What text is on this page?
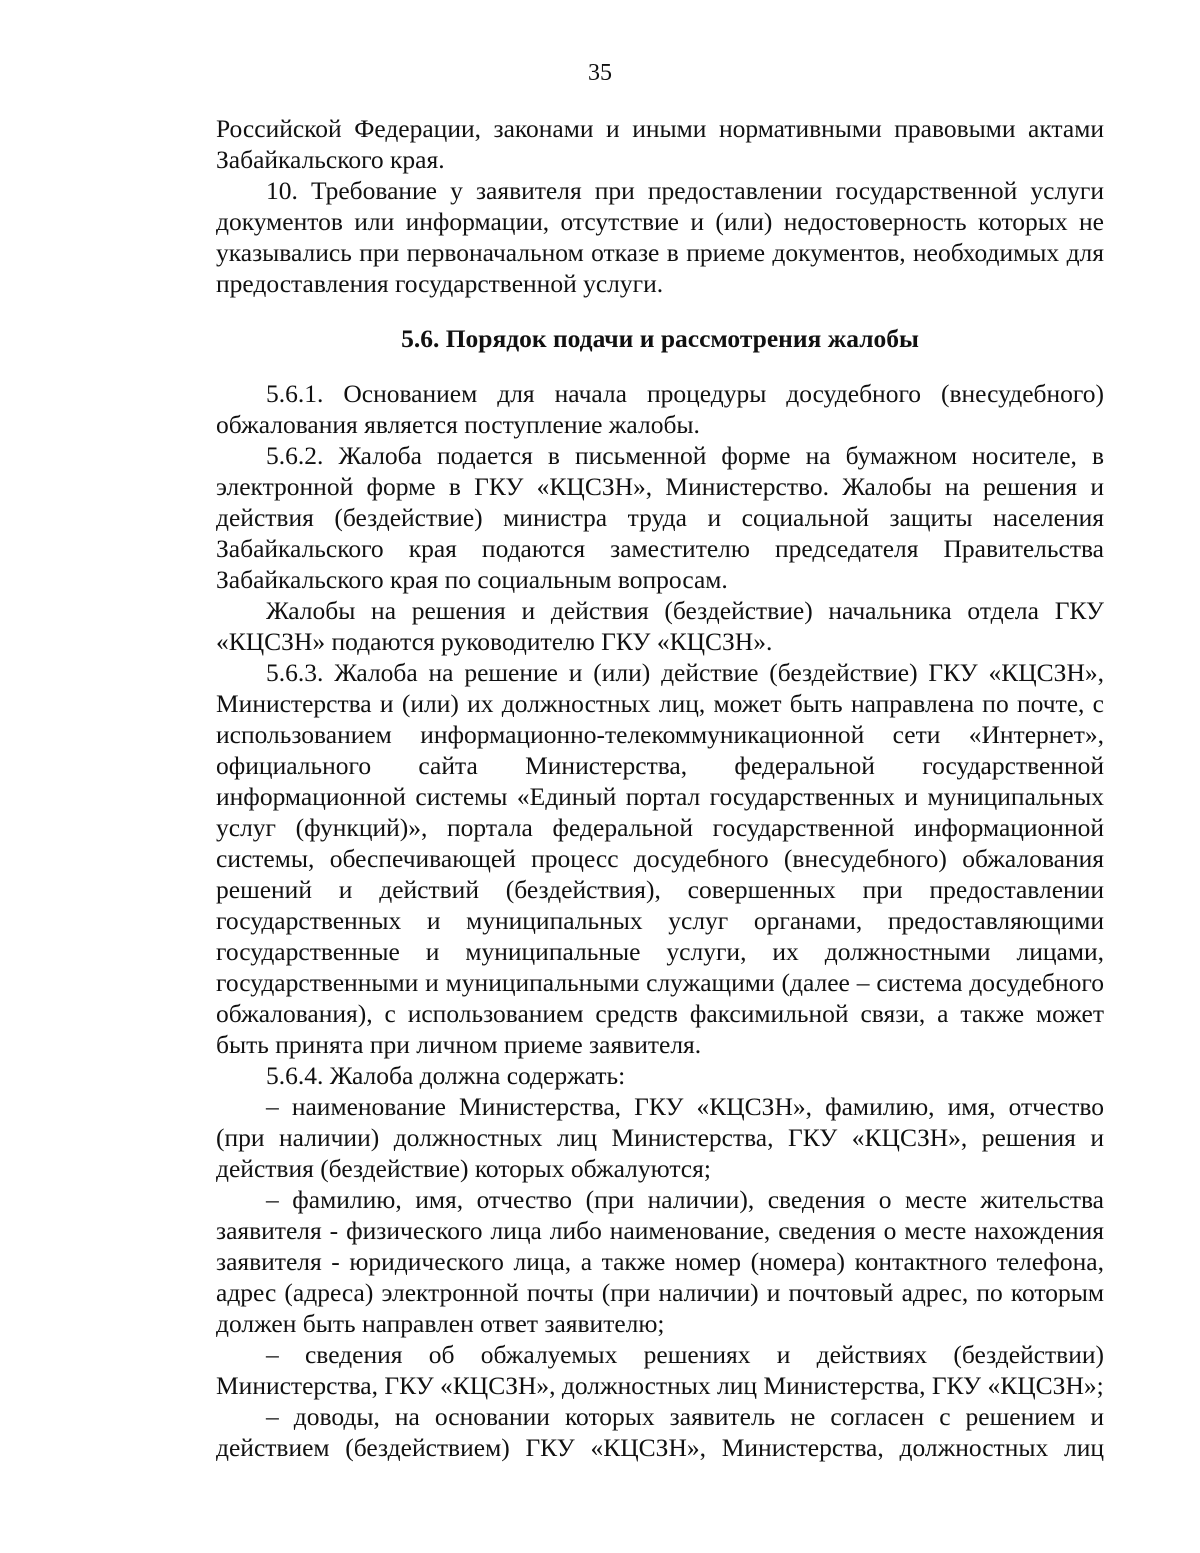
35

Российской Федерации, законами и иными нормативными правовыми актами Забайкальского края.

10. Требование у заявителя при предоставлении государственной услуги документов или информации, отсутствие и (или) недостоверность которых не указывались при первоначальном отказе в приеме документов, необходимых для предоставления государственной услуги.

5.6. Порядок подачи и рассмотрения жалобы

5.6.1. Основанием для начала процедуры досудебного (внесудебного) обжалования является поступление жалобы.

5.6.2. Жалоба подается в письменной форме на бумажном носителе, в электронной форме в ГКУ «КЦСЗН», Министерство. Жалобы на решения и действия (бездействие) министра труда и социальной защиты населения Забайкальского края подаются заместителю председателя Правительства Забайкальского края по социальным вопросам.

Жалобы на решения и действия (бездействие) начальника отдела ГКУ «КЦСЗН» подаются руководителю ГКУ «КЦСЗН».

5.6.3. Жалоба на решение и (или) действие (бездействие) ГКУ «КЦСЗН», Министерства и (или) их должностных лиц, может быть направлена по почте, с использованием информационно-телекоммуникационной сети «Интернет», официального сайта Министерства, федеральной государственной информационной системы «Единый портал государственных и муниципальных услуг (функций)», портала федеральной государственной информационной системы, обеспечивающей процесс досудебного (внесудебного) обжалования решений и действий (бездействия), совершенных при предоставлении государственных и муниципальных услуг органами, предоставляющими государственные и муниципальные услуги, их должностными лицами, государственными и муниципальными служащими (далее – система досудебного обжалования), с использованием средств факсимильной связи, а также может быть принята при личном приеме заявителя.

5.6.4. Жалоба должна содержать:

– наименование Министерства, ГКУ «КЦСЗН», фамилию, имя, отчество (при наличии) должностных лиц Министерства, ГКУ «КЦСЗН», решения и действия (бездействие) которых обжалуются;

– фамилию, имя, отчество (при наличии), сведения о месте жительства заявителя - физического лица либо наименование, сведения о месте нахождения заявителя - юридического лица, а также номер (номера) контактного телефона, адрес (адреса) электронной почты (при наличии) и почтовый адрес, по которым должен быть направлен ответ заявителю;

– сведения об обжалуемых решениях и действиях (бездействии) Министерства, ГКУ «КЦСЗН», должностных лиц Министерства, ГКУ «КЦСЗН»;

– доводы, на основании которых заявитель не согласен с решением и действием (бездействием) ГКУ «КЦСЗН», Министерства, должностных лиц
